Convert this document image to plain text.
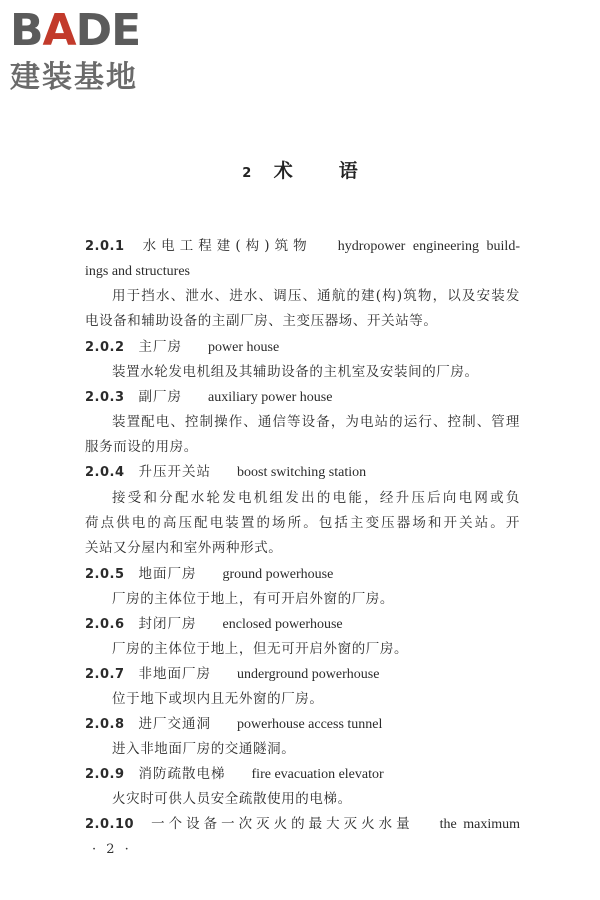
BADE
建装基地
2 术语
2.0.1 水电工程建(构)筑物 hydropower engineering build-
ings and structures
用于挡水、泄水、进水、调压、通航的建(构)筑物，以及安装发
电设备和辅助设备的主副厂房、主变压器场、开关站等。
2.0.2 主厂房 power house
装置水轮发电机组及其辅助设备的主机室及安装间的厂房。
2.0.3 副厂房 auxiliary power house
装置配电、控制操作、通信等设备，为电站的运行、控制、管理
服务而设的用房。
2.0.4 升压开关站 boost switching station
接受和分配水轮发电机组发出的电能，经升压后向电网或负
荷点供电的高压配电装置的场所。包括主变压器场和开关站。开
关站又分屋内和室外两种形式。
2.0.5 地面厂房 ground powerhouse
厂房的主体位于地上，有可开启外窗的厂房。
2.0.6 封闭厂房 enclosed powerhouse
厂房的主体位于地上，但无可开启外窗的厂房。
2.0.7 非地面厂房 underground powerhouse
位于地下或坝内且无外窗的厂房。
2.0.8 进厂交通洞 powerhouse access tunnel
进入非地面厂房的交通隧洞。
2.0.9 消防疏散电梯 fire evacuation elevator
火灾时可供人员安全疏散使用的电梯。
2.0.10 一个设备一次灭火的最大灭火水量 the maximum
· 2 ·
